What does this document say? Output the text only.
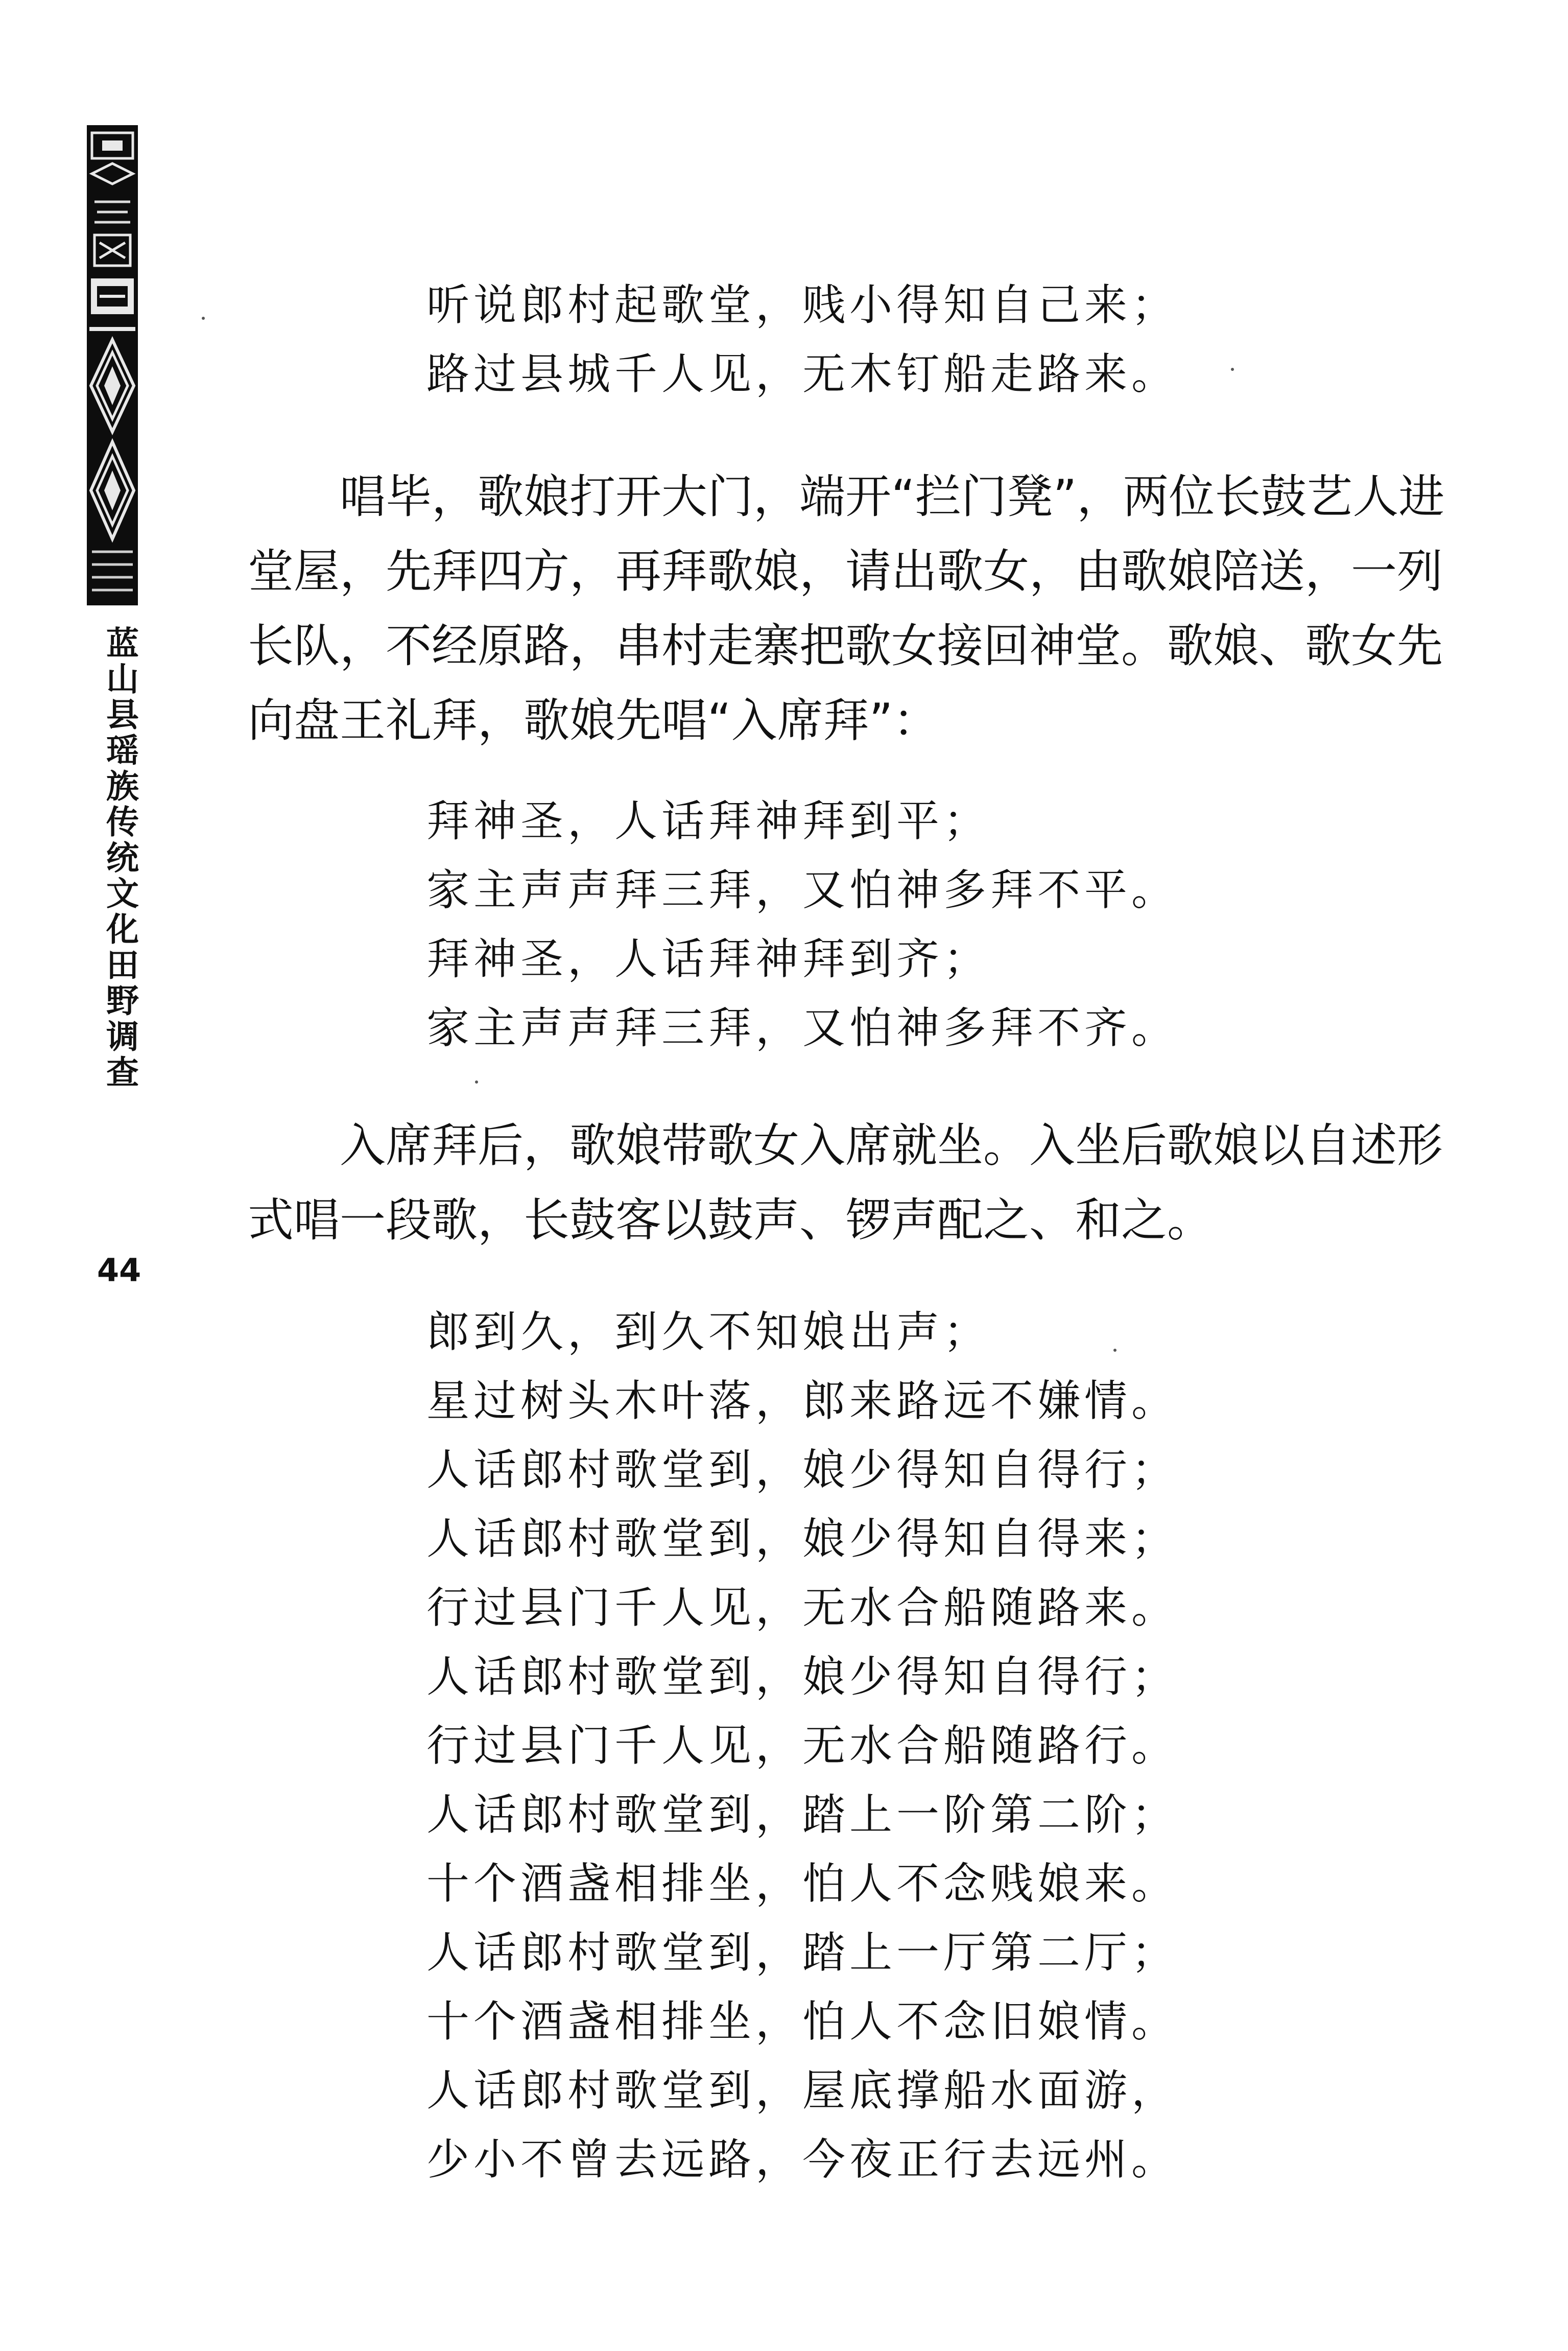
蓝山县瑶族传统文化田野调查
44
听说郎村起歌堂，贱小得知自己来；
路过县城千人见，无木钉船走路来。

唱毕，歌娘打开大门，端开“拦门凳”，两位长鼓艺人进堂屋，先拜四方，再拜歌娘，请出歌女，由歌娘陪送，一列长队，不经原路，串村走寨把歌女接回神堂。歌娘、歌女先向盘王礼拜，歌娘先唱“入席拜”：

拜神圣，人话拜神拜到平；
家主声声拜三拜，又怕神多拜不平。
拜神圣，人话拜神拜到齐；
家主声声拜三拜，又怕神多拜不齐。

入席拜后，歌娘带歌女入席就坐。入坐后歌娘以自述形式唱一段歌，长鼓客以鼓声、锣声配之、和之。

郎到久，到久不知娘出声；
星过树头木叶落，郎来路远不嫌情。
人话郎村歌堂到，娘少得知自得行；
人话郎村歌堂到，娘少得知自得来；
行过县门千人见，无水合船随路来。
人话郎村歌堂到，娘少得知自得行；
行过县门千人见，无水合船随路行。
人话郎村歌堂到，踏上一阶第二阶；
十个酒盏相排坐，怕人不念贱娘来。
人话郎村歌堂到，踏上一厅第二厅；
十个酒盏相排坐，怕人不念旧娘情。
人话郎村歌堂到，屋底撑船水面游，
少小不曾去远路，今夜正行去远州。
